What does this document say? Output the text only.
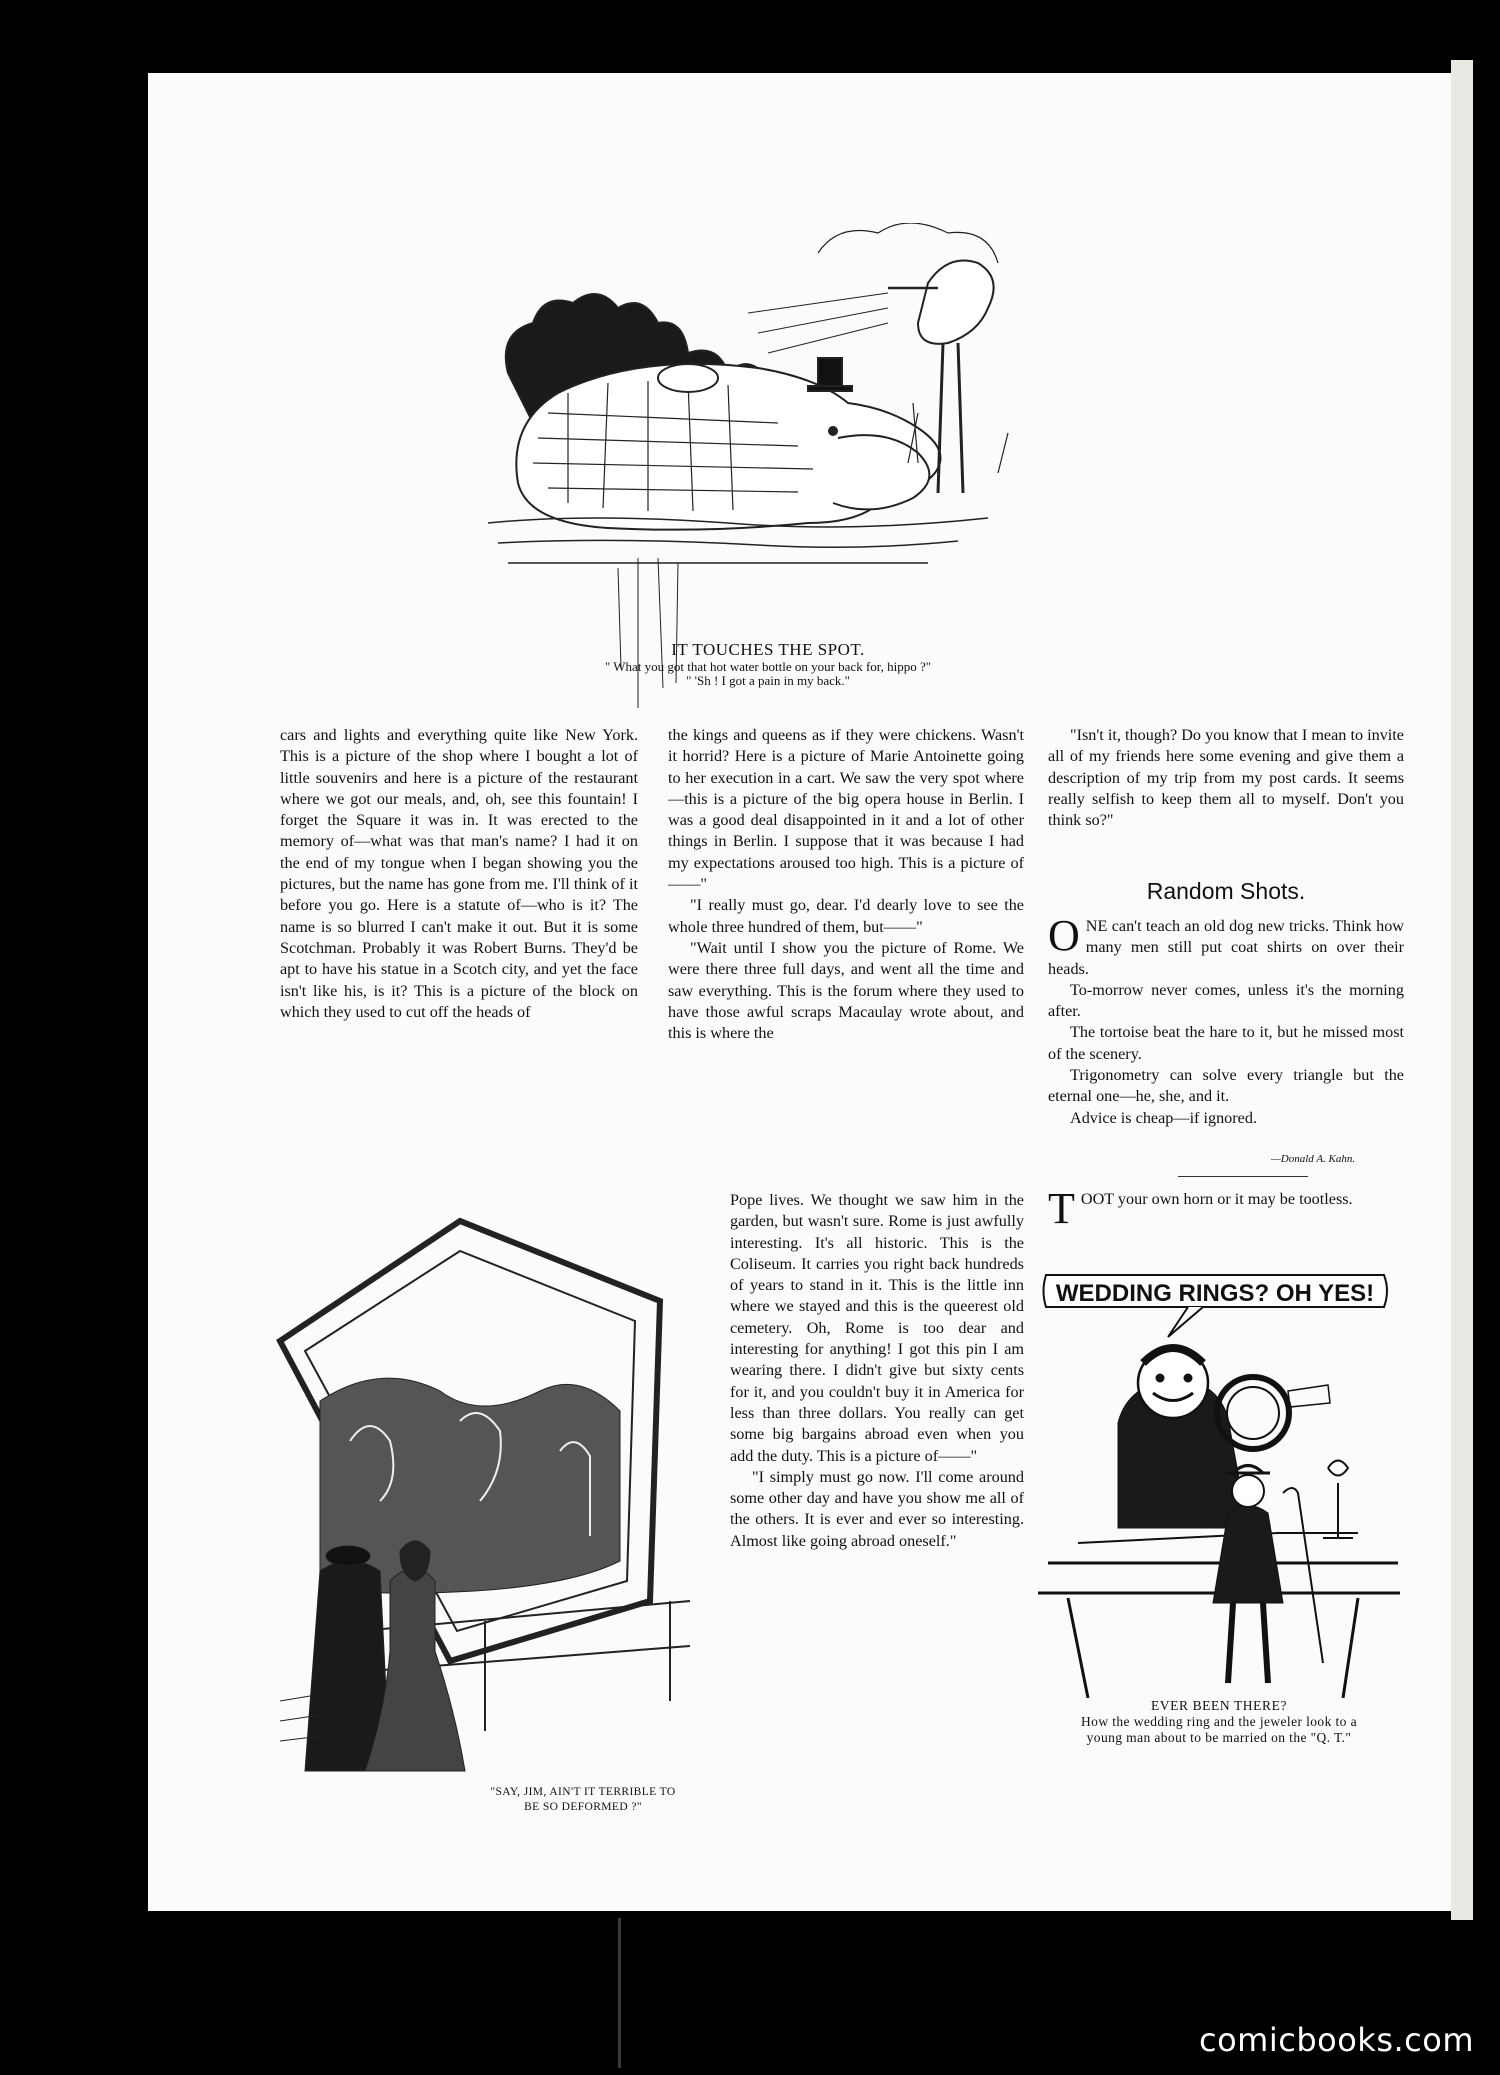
IT TOUCHES THE SPOT.
" What you got that hot water bottle on your back for, hippo ?"
" 'Sh ! I got a pain in my back."

cars and lights and everything quite like New York. This is a picture of the shop where I bought a lot of little souvenirs and here is a picture of the restaurant where we got our meals, and, oh, see this fountain! I forget the Square it was in. It was erected to the memory of—what was that man's name? I had it on the end of my tongue when I began showing you the pictures, but the name has gone from me. I'll think of it before you go. Here is a statute of—who is it? The name is so blurred I can't make it out. But it is some Scotchman. Probably it was Robert Burns. They'd be apt to have his statue in a Scotch city, and yet the face isn't like his, is it? This is a picture of the block on which they used to cut off the heads of

the kings and queens as if they were chickens. Wasn't it horrid? Here is a picture of Marie Antoinette going to her execution in a cart. We saw the very spot where—this is a picture of the big opera house in Berlin. I was a good deal disappointed in it and a lot of other things in Berlin. I suppose that it was because I had my expectations aroused too high. This is a picture of——"

"I really must go, dear. I'd dearly love to see the whole three hundred of them, but——"

"Wait until I show you the picture of Rome. We were there three full days, and went all the time and saw everything. This is the forum where they used to have those awful scraps Macaulay wrote about, and this is where the

Pope lives. We thought we saw him in the garden, but wasn't sure. Rome is just awfully interesting. It's all historic. This is the Coliseum. It carries you right back hundreds of years to stand in it. This is the little inn where we stayed and this is the queerest old cemetery. Oh, Rome is too dear and interesting for anything! I got this pin I am wearing there. I didn't give but sixty cents for it, and you couldn't buy it in America for less than three dollars. You really can get some big bargains abroad even when you add the duty. This is a picture of——"

"I simply must go now. I'll come around some other day and have you show me all of the others. It is ever and ever so interesting. Almost like going abroad oneself."

"Isn't it, though? Do you know that I mean to invite all of my friends here some evening and give them a description of my trip from my post cards. It seems really selfish to keep them all to myself. Don't you think so?"

Random Shots.

ONE can't teach an old dog new tricks. Think how many men still put coat shirts on over their heads.

To-morrow never comes, unless it's the morning after.

The tortoise beat the hare to it, but he missed most of the scenery.

Trigonometry can solve every triangle but the eternal one—he, she, and it.

Advice is cheap—if ignored.

—Donald A. Kahn.

TOOT your own horn or it may be tootless.

"SAY, JIM, AIN'T IT TERRIBLE TO
BE SO DEFORMED ?"
WEDDING RINGS? OH YES!
EVER BEEN THERE?
How the wedding ring and the jeweler look to a
young man about to be married on the "Q. T."
comicbooks.com
